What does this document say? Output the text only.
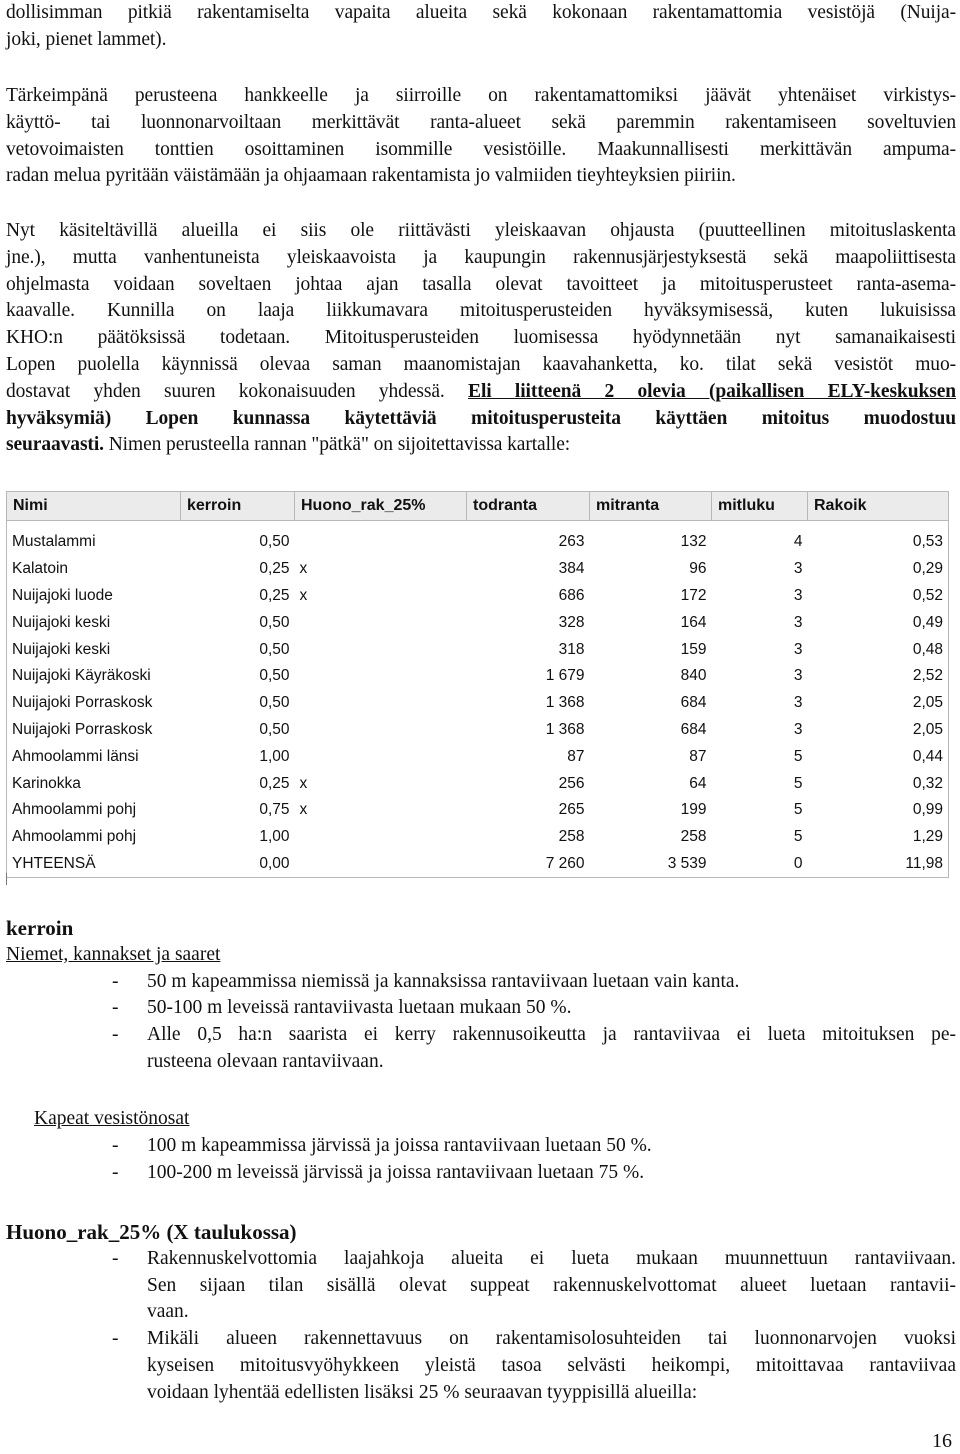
dollisimman pitkiä rakentamiselta vapaita alueita sekä kokonaan rakentamattomia vesistöjä (Nuija-
joki, pienet lammet).

Tärkeimpänä perusteena hankkeelle ja siirroille on rakentamattomiksi jäävät yhtenäiset virkistys-
käyttö- tai luonnonarvoiltaan merkittävät ranta-alueet sekä paremmin rakentamiseen soveltuvien
vetovoimaisten tonttien osoittaminen isommille vesistöille. Maakunnallisesti merkittävän ampuma-
radan melua pyritään väistämään ja ohjaamaan rakentamista jo valmiiden tieyhteyksien piiriin.

Nyt käsiteltävillä alueilla ei siis ole riittävästi yleiskaavan ohjausta (puutteellinen mitoituslaskenta
jne.), mutta vanhentuneista yleiskaavoista ja kaupungin rakennusjärjestyksestä sekä maapoliittisesta
ohjelmasta voidaan soveltaen johtaa ajan tasalla olevat tavoitteet ja mitoitusperusteet ranta-asema-
kaavalle. Kunnilla on laaja liikkumavara mitoitusperusteiden hyväksymisessä, kuten lukuisissa
KHO:n päätöksissä todetaan. Mitoitusperusteiden luomisessa hyödynnetään nyt samanaikaisesti
Lopen puolella käynnissä olevaa saman maanomistajan kaavahanketta, ko. tilat sekä vesistöt muo-
dostavat yhden suuren kokonaisuuden yhdessä. Eli liitteenä 2 olevia (paikallisen ELY-keskuksen
hyväksymiä) Lopen kunnassa käytettäviä mitoitusperusteita käyttäen mitoitus muodostuu
seuraavasti. Nimen perusteella rannan "pätkä" on sijoitettavissa kartalle:

Nimi	kerroin	Huono_rak_25%	todranta	mitranta	mitluku	Rakoik

Mustalammi	0,50		263	132	4	0,53
Kalatoin	0,25	x	384	96	3	0,29
Nuijajoki luode	0,25	x	686	172	3	0,52
Nuijajoki keski	0,50		328	164	3	0,49
Nuijajoki keski	0,50		318	159	3	0,48
Nuijajoki Käyräkoski	0,50		1 679	840	3	2,52
Nuijajoki Porraskosk	0,50		1 368	684	3	2,05
Nuijajoki Porraskosk	0,50		1 368	684	3	2,05
Ahmoolammi länsi	1,00		87	87	5	0,44
Karinokka	0,25	x	256	64	5	0,32
Ahmoolammi pohj	0,75	x	265	199	5	0,99
Ahmoolammi pohj	1,00		258	258	5	1,29
YHTEENSÄ	0,00		7 260	3 539	0	11,98
kerroin
Niemet, kannakset ja saaret
- 50 m kapeammissa niemissä ja kannaksissa rantaviivaan luetaan vain kanta.
- 50-100 m leveissä rantaviivasta luetaan mukaan 50 %.
- Alle 0,5 ha:n saarista ei kerry rakennusoikeutta ja rantaviivaa ei lueta mitoituksen pe-
rusteena olevaan rantaviivaan.
Kapeat vesistönosat
- 100 m kapeammissa järvissä ja joissa rantaviivaan luetaan 50 %.
- 100-200 m leveissä järvissä ja joissa rantaviivaan luetaan 75 %.
Huono_rak_25% (X taulukossa)
- Rakennuskelvottomia laajahkoja alueita ei lueta mukaan muunnettuun rantaviivaan.
Sen sijaan tilan sisällä olevat suppeat rakennuskelvottomat alueet luetaan rantavii-
vaan.
- Mikäli alueen rakennettavuus on rakentamisolosuhteiden tai luonnonarvojen vuoksi
kyseisen mitoitusvyöhykkeen yleistä tasoa selvästi heikompi, mitoittavaa rantaviivaa
voidaan lyhentää edellisten lisäksi 25 % seuraavan tyyppisillä alueilla:
16
